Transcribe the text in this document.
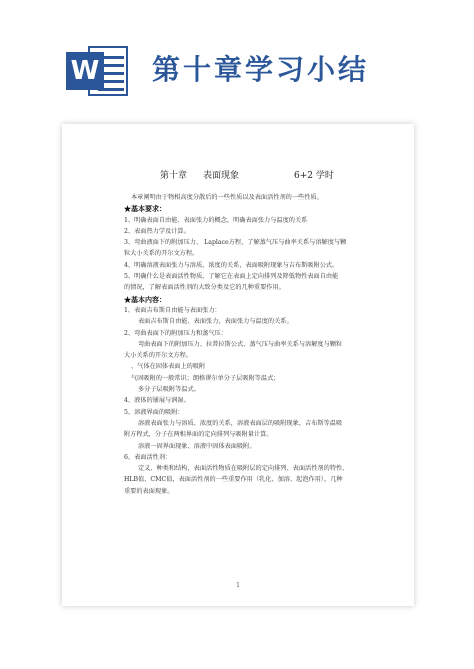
W 第十章学习小结
第十章 表面现象	6+2 学时
本章阐明由于物相高度分散后的一些性质以及表面活性剂的一些性质。
★基本要求：
1、明确表面自由能、表面张力的概念，明确表面张力与温度的关系
2、表面热力学及计算。
3、弯曲液面下的附加压力、 Laplace方程，了解蒸气压与曲率关系与溶解度与颗
粒大小关系的开尔文方程。
4、明确溶液表面张力与溶质、浓度的关系，表面吸附现象与吉布斯吸附公式。
5、明确什么是表面活性物质，了解它在表面上定向排列及降低物性表面自由能
的情况，了解表面活性剂的大致分类及它的几种重要作用。
★基本内容：
1、表面吉布斯自由能与表面张力：
表面吉布斯自由能、表面张力、表面张力与温度的关系。
2、弯曲表面下的附加压力和蒸气压：
弯曲表面下的附加压力、拉普拉斯公式、蒸气压与曲率关系与溶解度与颗粒
大小关系的开尔文方程。
、气体在固体表面上的吸附
气固吸附的一般常识；朗格谬尔单分子层吸附等温式；
多分子层吸附等温式。
4、液体的铺展与润湿。
5、溶液界面的吸附：
溶液表面张力与溶质、浓度的关系，溶液表面层的吸附现象，吉布斯等温吸
附方程式，分子在两相界面的定向排列与吸附量计算。
溶液一固界面现象、溶液中固体表面吸附。
6、表面活性剂：
定义、种类和结构，表面活性物质在吸附层的定向排列、表面活性剂的特性、
HLB值、CMC值，表面活性剂的一些重要作用（乳化、加溶、起泡作用），几种
重要的表面现象。
1
